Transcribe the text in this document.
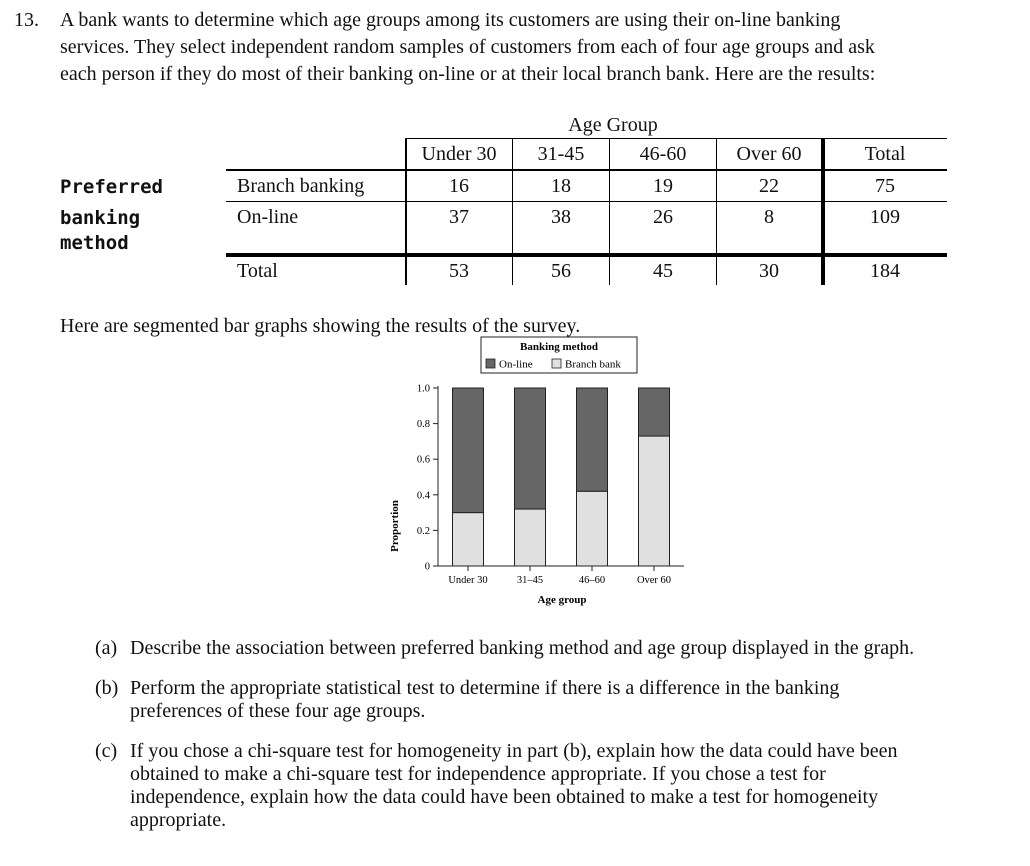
13. A bank wants to determine which age groups among its customers are using their on-line banking
services. They select independent random samples of customers from each of four age groups and ask
each person if they do most of their banking on-line or at their local branch bank. Here are the results:
Age Group
Under 30	31-45	46-60	Over 60	Total
Preferred
banking
method
Branch banking	16	18	19	22	75
On-line	37	38	26	8	109
Total	53	56	45	30	184
Here are segmented bar graphs showing the results of the survey.
Banking method
On-line	Branch bank
0
0.2
0.4
0.6
0.8
1.0
Under 30	31–45	46–60	Over 60
Proportion
Age group
(a) Describe the association between preferred banking method and age group displayed in the graph.
(b) Perform the appropriate statistical test to determine if there is a difference in the banking
preferences of these four age groups.
(c) If you chose a chi-square test for homogeneity in part (b), explain how the data could have been
obtained to make a chi-square test for independence appropriate. If you chose a test for
independence, explain how the data could have been obtained to make a test for homogeneity
appropriate.
